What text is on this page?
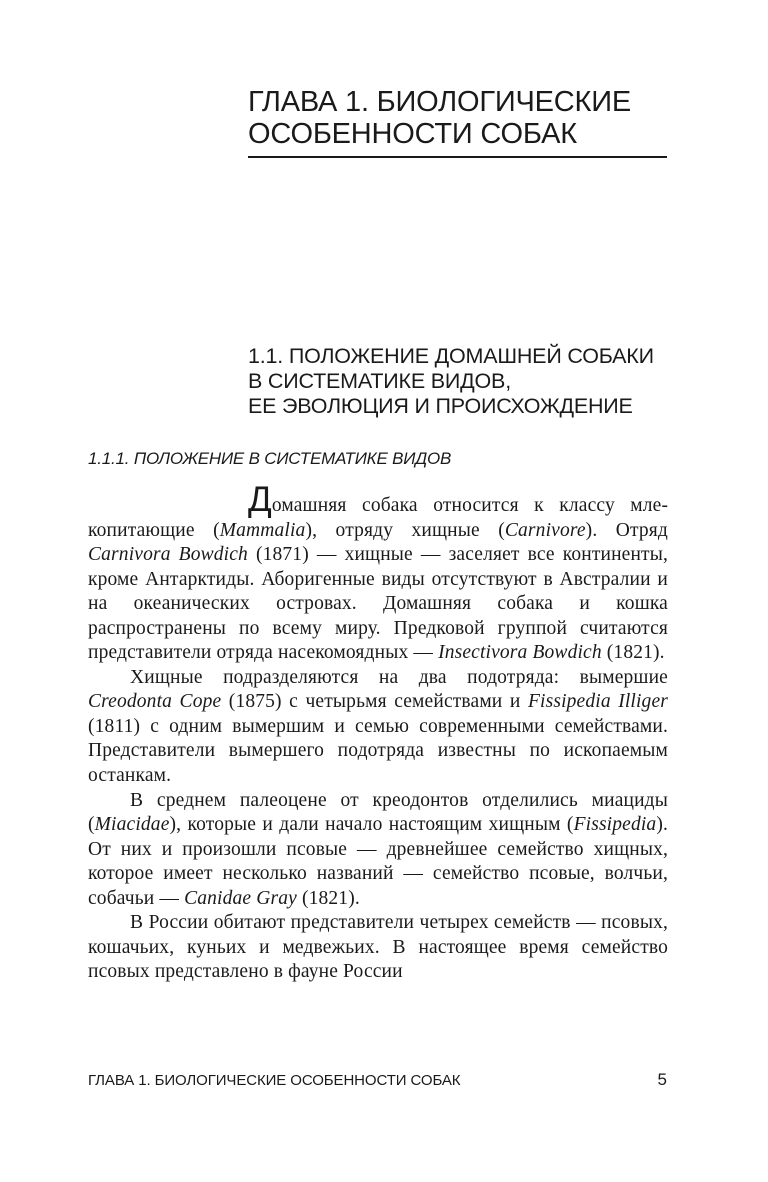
ГЛАВА 1. БИОЛОГИЧЕСКИЕ
ОСОБЕННОСТИ СОБАК
1.1. ПОЛОЖЕНИЕ ДОМАШНЕЙ СОБАКИ
В СИСТЕМАТИКЕ ВИДОВ,
ЕЕ ЭВОЛЮЦИЯ И ПРОИСХОЖДЕНИЕ
1.1.1. ПОЛОЖЕНИЕ В СИСТЕМАТИКЕ ВИДОВ

Домашняя собака относится к классу млекопитающие (Mammalia), отряду хищные (Carnivore). Отряд Carnivora Bowdich (1871) — хищные — заселяет все континенты, кроме Антарктиды. Аборигенные виды отсутствуют в Австралии и на океанических островах. Домашняя собака и кошка распространены по всему миру. Предковой группой считаются представители отряда насекомоядных — Insectivora Bowdich (1821).

Хищные подразделяются на два подотряда: вымершие Creodonta Cope (1875) с четырьмя семействами и Fissipedia Illiger (1811) с одним вымершим и семью современными семействами. Представители вымершего подотряда известны по ископаемым останкам.

В среднем палеоцене от креодонтов отделились миациды (Miacidae), которые и дали начало настоящим хищным (Fissipedia). От них и произошли псовые — древнейшее семейство хищных, которое имеет несколько названий — семейство псовые, волчьи, собачьи — Canidae Gray (1821).

В России обитают представители четырех семейств — псовых, кошачьих, куньих и медвежьих. В настоящее время семейство псовых представлено в фауне России

ГЛАВА 1. БИОЛОГИЧЕСКИЕ ОСОБЕННОСТИ СОБАК	5
